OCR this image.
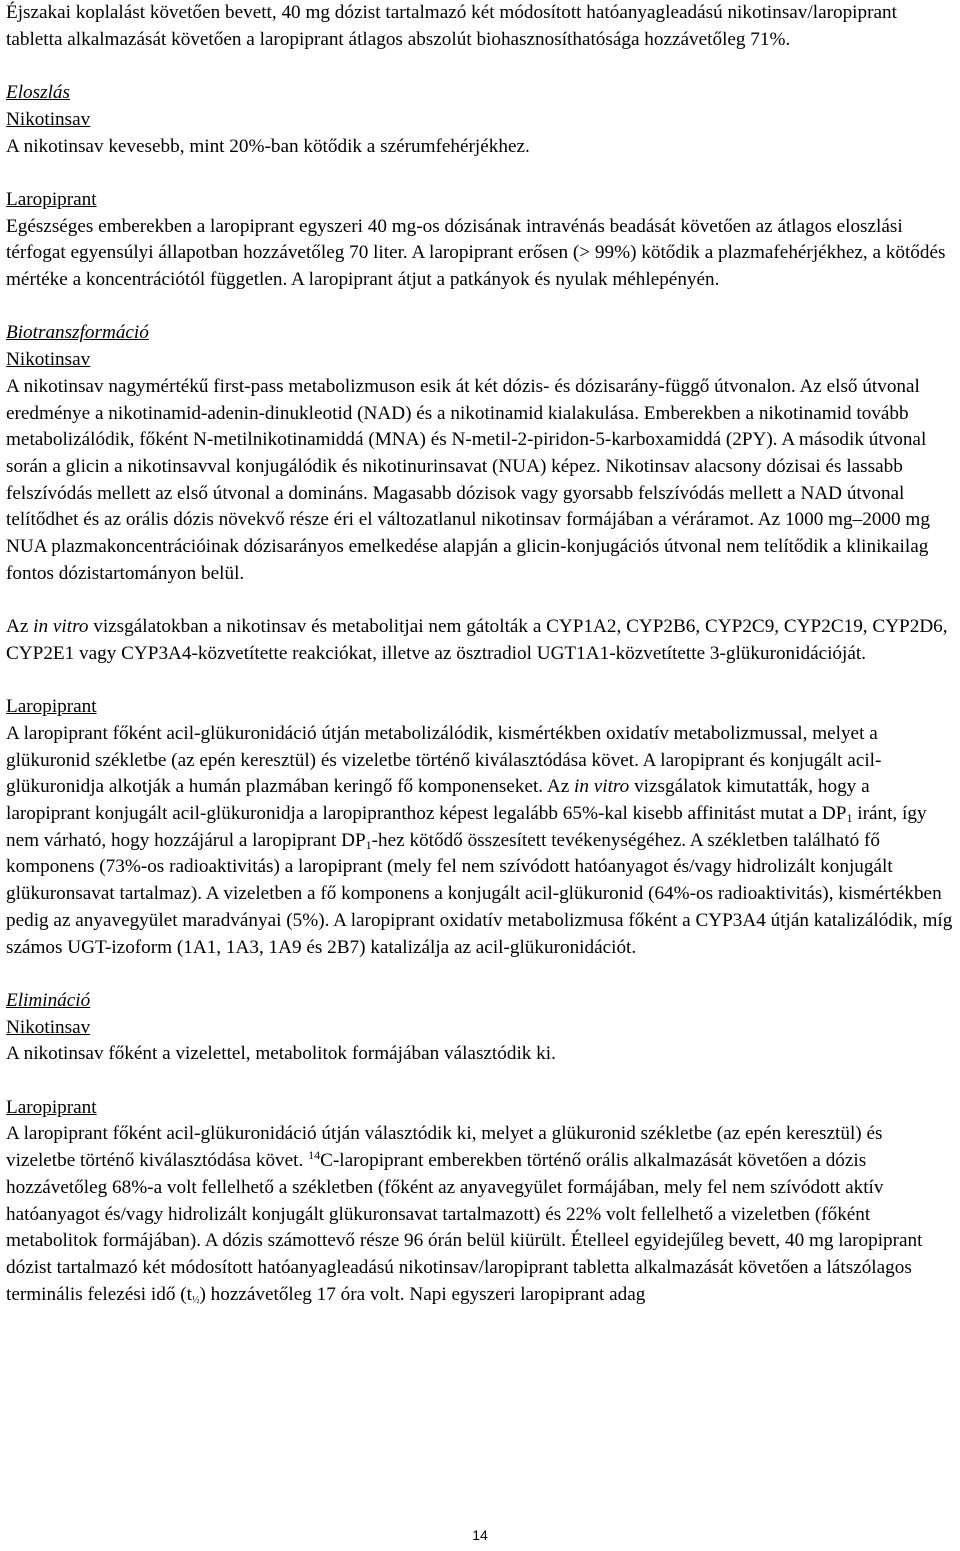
Éjszakai koplalást követően bevett, 40 mg dózist tartalmazó két módosított hatóanyagleadású nikotinsav/laropiprant tabletta alkalmazását követően a laropiprant átlagos abszolút biohasznosíthatósága hozzávetőleg 71%.

Eloszlás

Nikotinsav

A nikotinsav kevesebb, mint 20%-ban kötődik a szérumfehérjékhez.

Laropiprant

Egészséges emberekben a laropiprant egyszeri 40 mg-os dózisának intravénás beadását követően az átlagos eloszlási térfogat egyensúlyi állapotban hozzávetőleg 70 liter. A laropiprant erősen (> 99%) kötődik a plazmafehérjékhez, a kötődés mértéke a koncentrációtól független. A laropiprant átjut a patkányok és nyulak méhlepényén.

Biotranszformáció

Nikotinsav

A nikotinsav nagymértékű first-pass metabolizmuson esik át két dózis- és dózisarány-függő útvonalon. Az első útvonal eredménye a nikotinamid-adenin-dinukleotid (NAD) és a nikotinamid kialakulása. Emberekben a nikotinamid tovább metabolizálódik, főként N-metilnikotinamiddá (MNA) és N-metil-2-piridon-5-karboxamiddá (2PY). A második útvonal során a glicin a nikotinsavval konjugálódik és nikotinurinsavat (NUA) képez. Nikotinsav alacsony dózisai és lassabb felszívódás mellett az első útvonal a domináns. Magasabb dózisok vagy gyorsabb felszívódás mellett a NAD útvonal telítődhet és az orális dózis növekvő része éri el változatlanul nikotinsav formájában a véráramot. Az 1000 mg–2000 mg NUA plazmakoncentrációinak dózisarányos emelkedése alapján a glicin-konjugációs útvonal nem telítődik a klinikailag fontos dózistartományon belül.

Az in vitro vizsgálatokban a nikotinsav és metabolitjai nem gátolták a CYP1A2, CYP2B6, CYP2C9, CYP2C19, CYP2D6, CYP2E1 vagy CYP3A4-közvetítette reakciókat, illetve az ösztradiol UGT1A1-közvetítette 3-glükuronidációját.

Laropiprant

A laropiprant főként acil-glükuronidáció útján metabolizálódik, kismértékben oxidatív metabolizmussal, melyet a glükuronid székletbe (az epén keresztül) és vizeletbe történő kiválasztódása követ. A laropiprant és konjugált acil-glükuronidja alkotják a humán plazmában keringő fő komponenseket. Az in vitro vizsgálatok kimutatták, hogy a laropiprant konjugált acil-glükuronidja a laropipranthoz képest legalább 65%-kal kisebb affinitást mutat a $DP_1$ iránt, így nem várható, hogy hozzájárul a laropiprant $DP_1$-hez kötődő összesített tevékenységéhez. A székletben található fő komponens (73%-os radioaktivitás) a laropiprant (mely fel nem szívódott hatóanyagot és/vagy hidrolizált konjugált glükuronsavat tartalmaz). A vizeletben a fő komponens a konjugált acil-glükuronid (64%-os radioaktivitás), kismértékben pedig az anyavegyület maradványai (5%). A laropiprant oxidatív metabolizmusa főként a CYP3A4 útján katalizálódik, míg számos UGT-izoform (1A1, 1A3, 1A9 és 2B7) katalizálja az acil-glükuronidációt.

Elimináció

Nikotinsav

A nikotinsav főként a vizelettel, metabolitok formájában választódik ki.

Laropiprant

A laropiprant főként acil-glükuronidáció útján választódik ki, melyet a glükuronid székletbe (az epén keresztül) és vizeletbe történő kiválasztódása követ. $^{14}$C-laropiprant emberekben történő orális alkalmazását követően a dózis hozzávetőleg 68%-a volt fellelhető a székletben (főként az anyavegyület formájában, mely fel nem szívódott aktív hatóanyagot és/vagy hidrolizált konjugált glükuronsavat tartalmazott) és 22% volt fellelhető a vizeletben (főként metabolitok formájában). A dózis számottevő része 96 órán belül kiürült. Ételleel egyidejűleg bevett, 40 mg laropiprant dózist tartalmazó két módosított hatóanyagleadású nikotinsav/laropiprant tabletta alkalmazását követően a látszólagos terminális felezési idő $(t_{\frac{1}{2}})$ hozzávetőleg 17 óra volt. Napi egyszeri laropiprant adag

14
